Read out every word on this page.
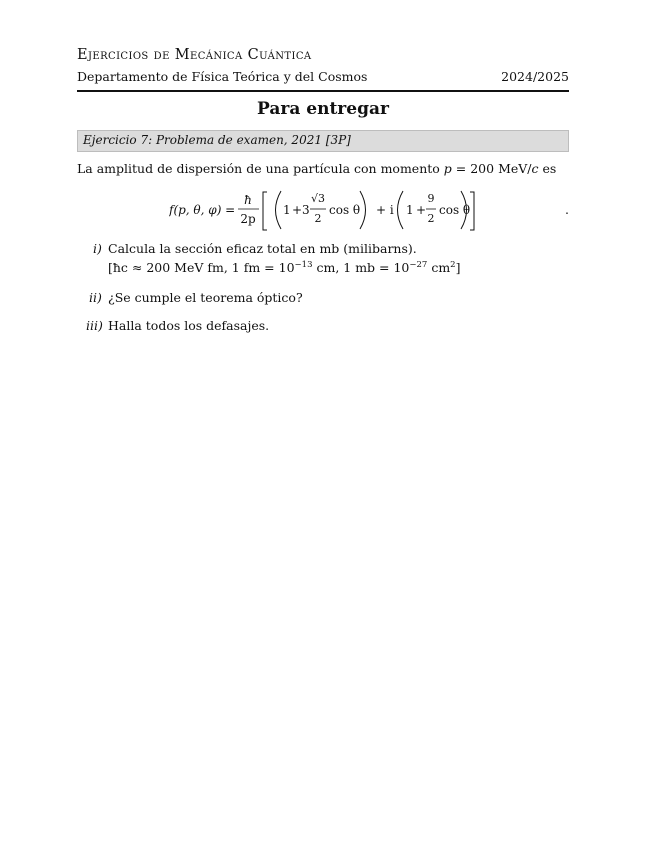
Ejercicios de Mecánica Cuántica
Departamento de Física Teórica y del Cosmos	2024/2025
Para entregar
Ejercicio 7: Problema de examen, 2021 [3P]
La amplitud de dispersión de una partícula con momento p = 200 MeV/c es
f(p, θ, φ) =
ħ
2p
1 + 3
√3
2
cos θ + i 1 +
9
2
cos θ	.
i) Calcula la sección eficaz total en mb (milibarns).
[ħc ≈ 200 MeV fm, 1 fm = $10^{-13}$ cm, 1 mb = $10^{-27}$ $cm^2$]
ii) ¿Se cumple el teorema óptico?
iii) Halla todos los defasajes.
